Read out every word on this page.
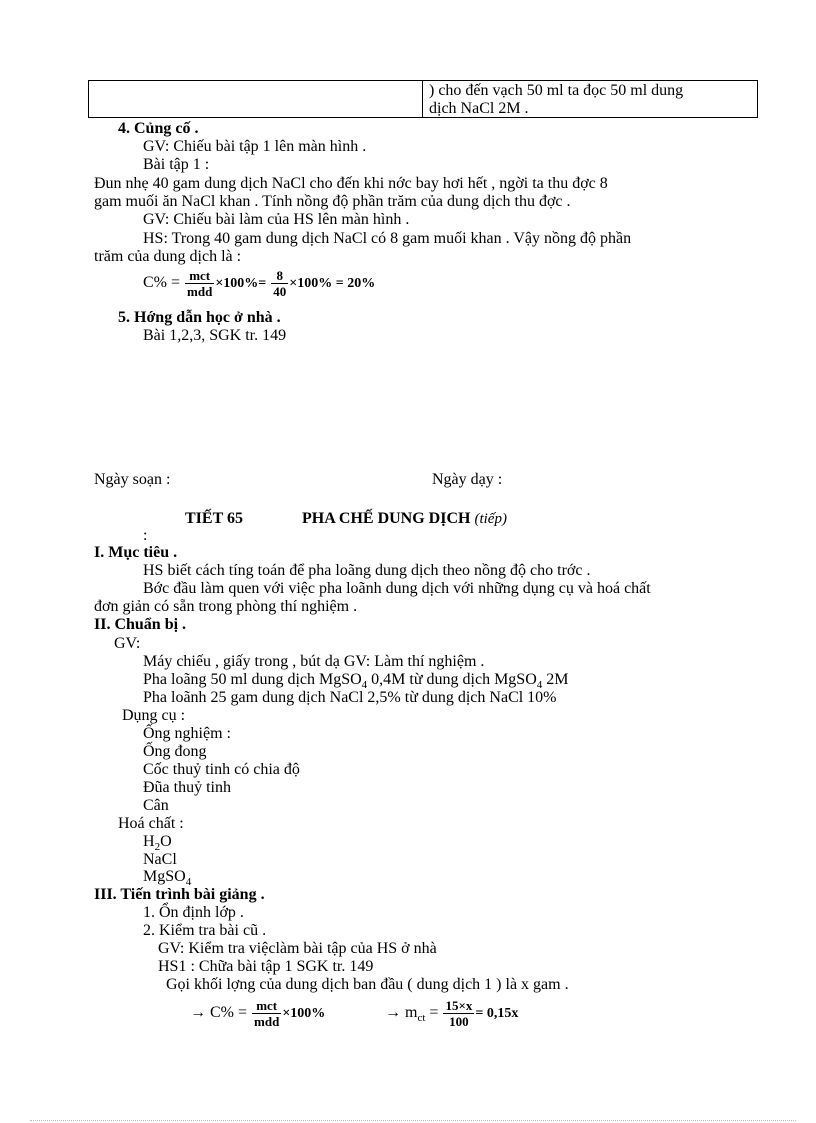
) cho đến vạch 50 ml ta đọc 50 ml dung
dịch NaCl 2M .
4. Củng cố .
GV: Chiếu bài tập 1 lên màn hình .
Bài tập 1 :
Đun nhẹ 40 gam dung dịch NaCl cho đến khi nớc bay hơi hết , ngời ta thu đợc 8
gam muối ăn NaCl khan . Tính nồng độ phần trăm của dung dịch thu đợc .
GV: Chiếu bài làm của HS lên màn hình .
HS: Trong 40 gam dung dịch NaCl có 8 gam muối khan . Vậy nồng độ phần
trăm của dung dịch là :
$C\% = \frac{\text{mct}}{\text{mdd}} \times 100\%= \frac{8}{40} \times 100\% = 20\%$
5. Hớng dẫn học ở nhà .
Bài 1,2,3, SGK tr. 149
Ngày soạn :	Ngày dạy :
TIẾT 65	PHA CHẾ DUNG DỊCH (tiếp)
:
I. Mục tiêu .
HS biết cách tíng toán để pha loãng dung dịch theo nồng độ cho trớc .
Bớc đầu làm quen với việc pha loãnh dung dịch với những dụng cụ và hoá chất
đơn giản có sẵn trong phòng thí nghiệm .
II. Chuẩn bị .
GV:
Máy chiếu , giấy trong , bút dạ GV: Làm thí nghiệm .
Pha loãng 50 ml dung dịch MgSO$_4$ 0,4M từ dung dịch MgSO$_4$ 2M
Pha loãnh 25 gam dung dịch NaCl 2,5% từ dung dịch NaCl 10%
Dụng cụ :
Ống nghiệm :
Ống đong
Cốc thuỷ tinh có chia độ
Đũa thuỷ tinh
Cân
Hoá chất :
$H_2O$
NaCl
MgSO$_4$
III. Tiến trình bài giảng .
1. Ổn định lớp .
2. Kiểm tra bài cũ .
GV: Kiểm tra việclàm bài tập của HS ở nhà
HS1 : Chữa bài tập 1 SGK tr. 149
Gọi khối lợng của dung dịch ban đầu ( dung dịch 1 ) là x gam .
→ $C\% = \frac{\text{mct}}{\text{mdd}} \times 100\%$	→ $m_{ct} = \frac{15\times x}{100} = 0,15x$
